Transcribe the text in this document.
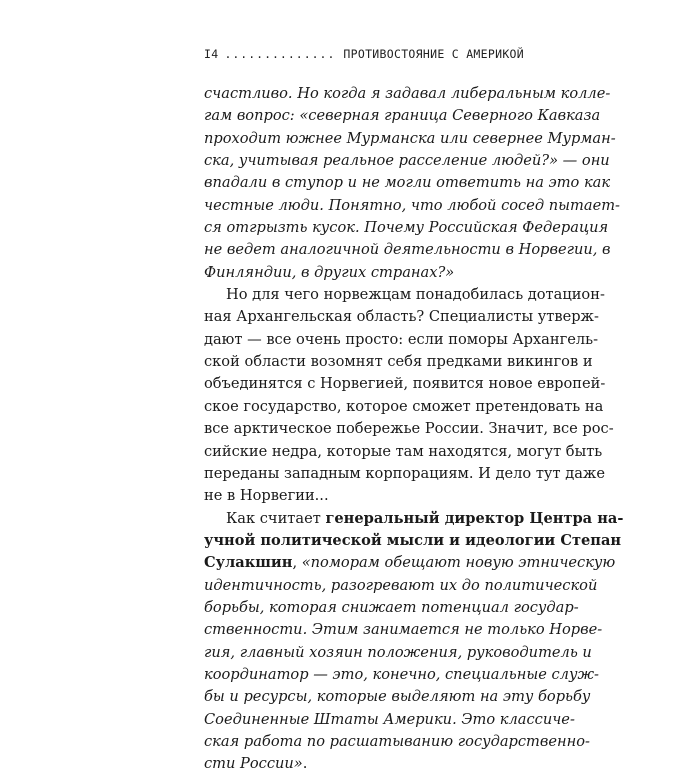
I4
.....	ПРОТИВОСТОЯНИЕ С АМЕРИКОЙ
счастливо. Но когда я задавал либеральным колле-
гам вопрос: «северная граница Северного Кавказа
проходит южнее Мурманска или севернее Мурман-
ска, учитывая реальное расселение людей?» — они
впадали в ступор и не могли ответить на это как
честные люди. Понятно, что любой сосед пытает-
ся отгрызть кусок. Почему Российская Федерация
не ведет аналогичной деятельности в Норвегии, в
Финляндии, в других странах?»
Но для чего норвежцам понадобилась дотацион-
ная Архангельская область? Специалисты утверж-
дают — все очень просто: если поморы Архангель-
ской области возомнят себя предками викингов и
объединятся с Норвегией, появится новое европей-
ское государство, которое сможет претендовать на
все арктическое побережье России. Значит, все рос-
сийские недра, которые там находятся, могут быть
переданы западным корпорациям. И дело тут даже
не в Норвегии...
Как считает генеральный директор Центра на-
учной политической мысли и идеологии Степан
Сулакшин, «поморам обещают новую этническую
идентичность, разогревают их до политической
борьбы, которая снижает потенциал государ-
ственности. Этим занимается не только Норве-
гия, главный хозяин положения, руководитель и
координатор — это, конечно, специальные служ-
бы и ресурсы, которые выделяют на эту борьбу
Соединенные Штаты Америки. Это классиче-
ская работа по расшатыванию государственно-
сти России».
